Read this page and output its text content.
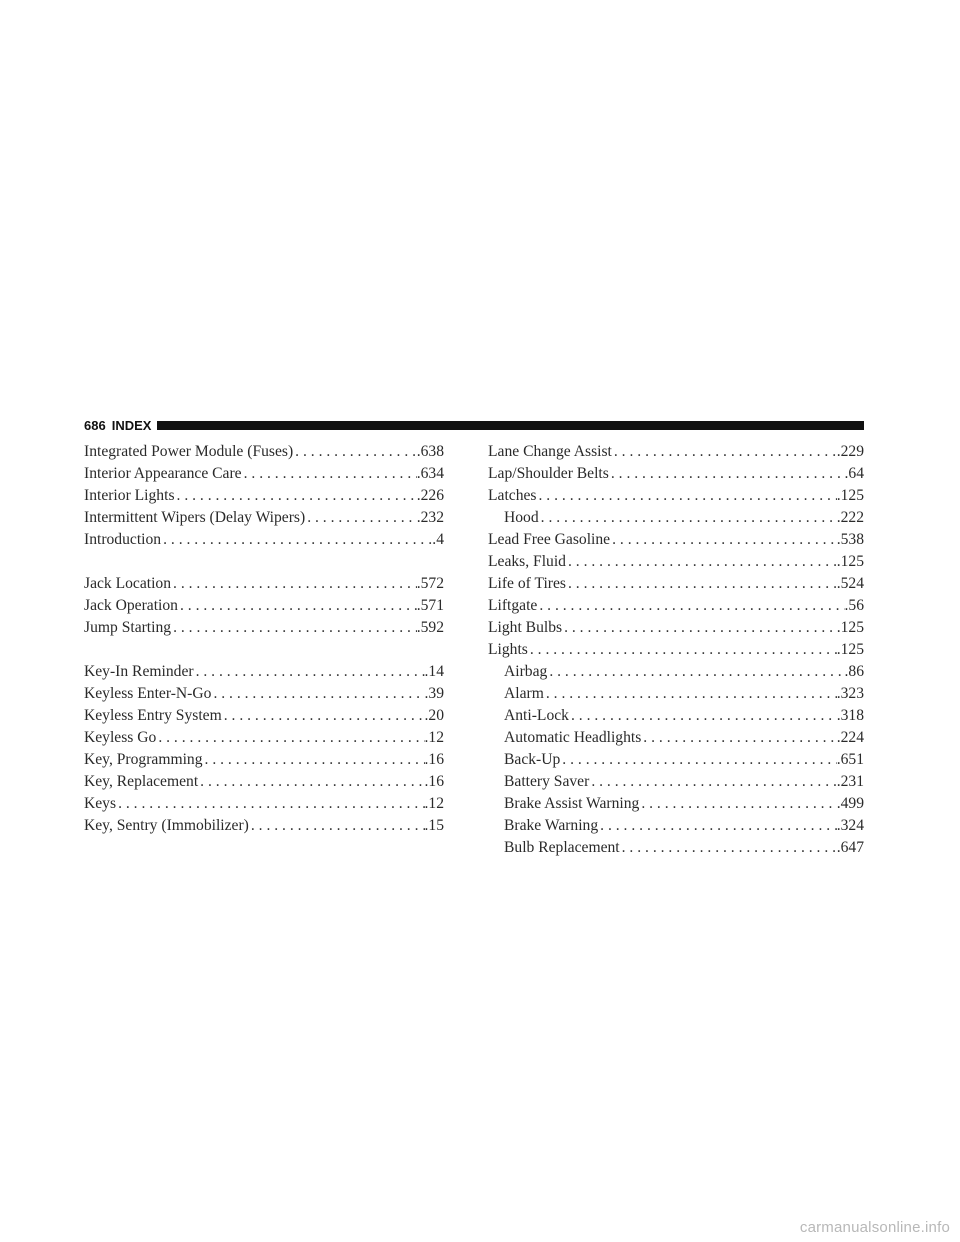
686 INDEX
Integrated Power Module (Fuses) . . .	.638
Interior Appearance Care . . .	.634
Interior Lights . . .	.226
Intermittent Wipers (Delay Wipers) . . .	.232
Introduction . . .	.4
Jack Location . . .	.572
Jack Operation . . .	.571
Jump Starting . . .	.592
Key-In Reminder . . .	.14
Keyless Enter-N-Go . . .	.39
Keyless Entry System . . .	.20
Keyless Go . . .	.12
Key, Programming . . .	.16
Key, Replacement . . .	.16
Keys . . .	.12
Key, Sentry (Immobilizer) . . .	.15
Lane Change Assist . . .	.229
Lap/Shoulder Belts . . .	.64
Latches . . .	.125
Hood . . .	.222
Lead Free Gasoline . . .	.538
Leaks, Fluid . . .	.125
Life of Tires . . .	.524
Liftgate . . .	.56
Light Bulbs . . .	.125
Lights . . .	.125
Airbag . . .	.86
Alarm . . .	.323
Anti-Lock . . .	.318
Automatic Headlights . . .	.224
Back-Up . . .	.651
Battery Saver . . .	.231
Brake Assist Warning . . .	.499
Brake Warning . . .	.324
Bulb Replacement . . .	.647
carmanualsonline.info
